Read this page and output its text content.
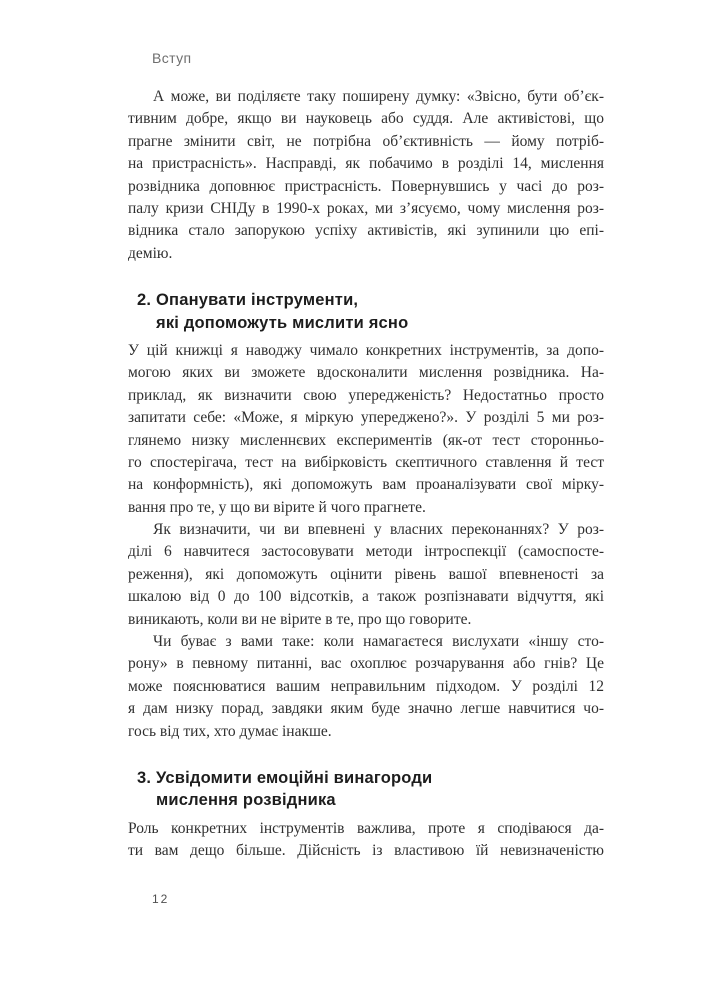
Вступ
А може, ви поділяєте таку поширену думку: «Звісно, бути об’єк-
тивним добре, якщо ви науковець або суддя. Але активістові, що
прагне змінити світ, не потрібна об’єктивність — йому потріб-
на пристрасність». Насправді, як побачимо в розділі 14, мислення
розвідника доповнює пристрасність. Повернувшись у часі до роз-
палу кризи СНІДу в 1990-х роках, ми з’ясуємо, чому мислення роз-
відника стало запорукою успіху активістів, які зупинили цю епі-
демію.
2. Опанувати інструменти,
які допоможуть мислити ясно
У цій книжці я наводжу чимало конкретних інструментів, за допо-
могою яких ви зможете вдосконалити мислення розвідника. На-
приклад, як визначити свою упередженість? Недостатньо просто
запитати себе: «Може, я міркую упереджено?». У розділі 5 ми роз-
глянемо низку мисленнєвих експериментів (як-от тест сторонньо-
го спостерігача, тест на вибірковість скептичного ставлення й тест
на конформність), які допоможуть вам проаналізувати свої мірку-
вання про те, у що ви вірите й чого прагнете.
Як визначити, чи ви впевнені у власних переконаннях? У роз-
ділі 6 навчитеся застосовувати методи інтроспекції (самоспосте-
реження), які допоможуть оцінити рівень вашої впевненості за
шкалою від 0 до 100 відсотків, а також розпізнавати відчуття, які
виникають, коли ви не вірите в те, про що говорите.
Чи буває з вами таке: коли намагаєтеся вислухати «іншу сто-
рону» в певному питанні, вас охоплює розчарування або гнів? Це
може пояснюватися вашим неправильним підходом. У розділі 12
я дам низку порад, завдяки яким буде значно легше навчитися чо-
гось від тих, хто думає інакше.
3. Усвідомити емоційні винагороди
мислення розвідника
Роль конкретних інструментів важлива, проте я сподіваюся да-
ти вам дещо більше. Дійсність із властивою їй невизначеністю
12
